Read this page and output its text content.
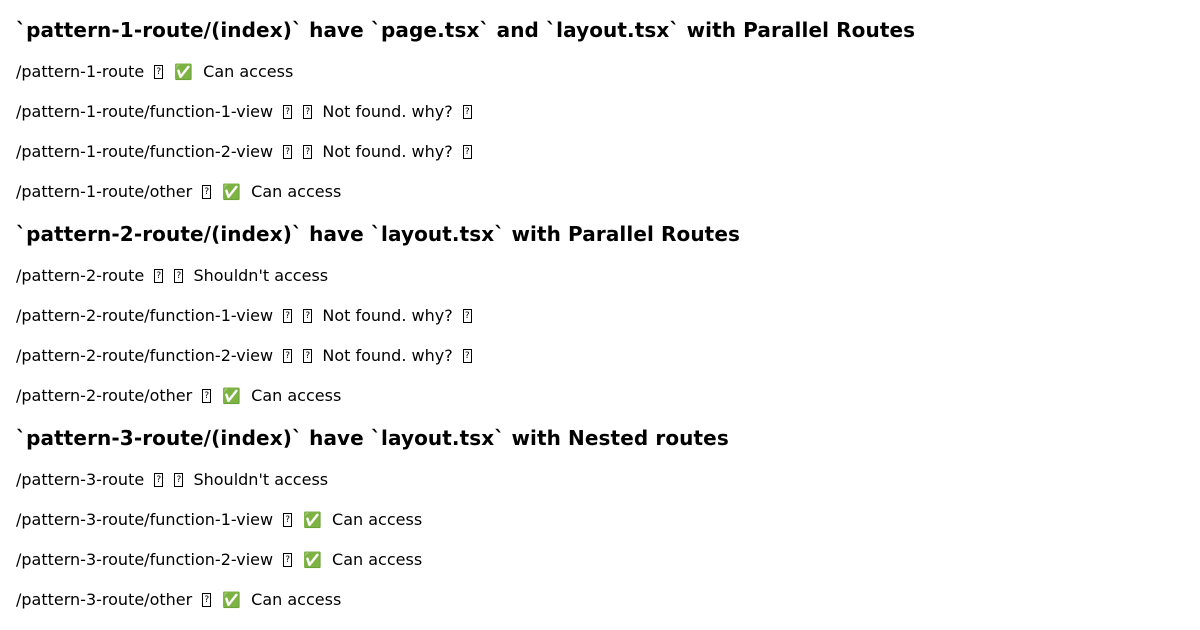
`pattern-1-route/(index)` have `page.tsx` and `layout.tsx` with Parallel Routes
/pattern-1-route ? ✅ Can access
/pattern-1-route/function-1-view ? ?	Not found. why? ?
/pattern-1-route/function-2-view ? ?	Not found. why? ?
/pattern-1-route/other ? ✅ Can access
`pattern-2-route/(index)` have `layout.tsx` with Parallel Routes
/pattern-2-route ? ?	Shouldn't access
/pattern-2-route/function-1-view ? ?	Not found. why? ?
/pattern-2-route/function-2-view ? ?	Not found. why? ?
/pattern-2-route/other ? ✅ Can access
`pattern-3-route/(index)` have `layout.tsx` with Nested routes
/pattern-3-route ? ?	Shouldn't access
/pattern-3-route/function-1-view ? ✅ Can access
/pattern-3-route/function-2-view ? ✅ Can access
/pattern-3-route/other ? ✅ Can access
